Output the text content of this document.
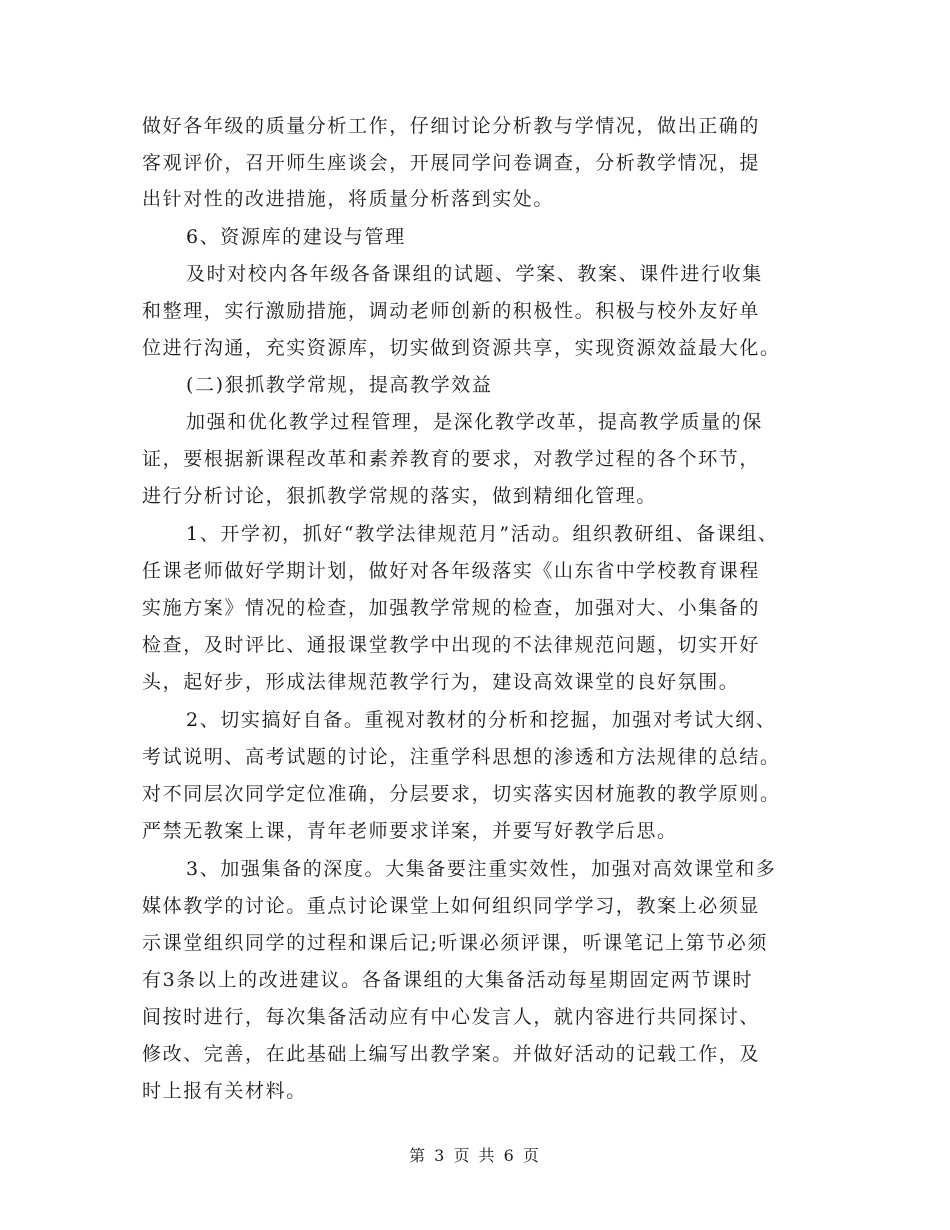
做好各年级的质量分析工作，仔细讨论分析教与学情况，做出正确的
客观评价，召开师生座谈会，开展同学问卷调查，分析教学情况，提
出针对性的改进措施，将质量分析落到实处。
6、资源库的建设与管理
及时对校内各年级各备课组的试题、学案、教案、课件进行收集
和整理，实行激励措施，调动老师创新的积极性。积极与校外友好单
位进行沟通，充实资源库，切实做到资源共享，实现资源效益最大化。
(二)狠抓教学常规，提高教学效益
加强和优化教学过程管理，是深化教学改革，提高教学质量的保
证，要根据新课程改革和素养教育的要求，对教学过程的各个环节，
进行分析讨论，狠抓教学常规的落实，做到精细化管理。
1、开学初，抓好“教学法律规范月”活动。组织教研组、备课组、
任课老师做好学期计划，做好对各年级落实《山东省中学校教育课程
实施方案》情况的检查，加强教学常规的检查，加强对大、小集备的
检查，及时评比、通报课堂教学中出现的不法律规范问题，切实开好
头，起好步，形成法律规范教学行为，建设高效课堂的良好氛围。
2、切实搞好自备。重视对教材的分析和挖掘，加强对考试大纲、
考试说明、高考试题的讨论，注重学科思想的渗透和方法规律的总结。
对不同层次同学定位准确，分层要求，切实落实因材施教的教学原则。
严禁无教案上课，青年老师要求详案，并要写好教学后思。
3、加强集备的深度。大集备要注重实效性，加强对高效课堂和多
媒体教学的讨论。重点讨论课堂上如何组织同学学习，教案上必须显
示课堂组织同学的过程和课后记;听课必须评课，听课笔记上第节必须
有3条以上的改进建议。各备课组的大集备活动每星期固定两节课时
间按时进行，每次集备活动应有中心发言人，就内容进行共同探讨、
修改、完善，在此基础上编写出教学案。并做好活动的记载工作，及
时上报有关材料。
第 3 页 共 6 页
